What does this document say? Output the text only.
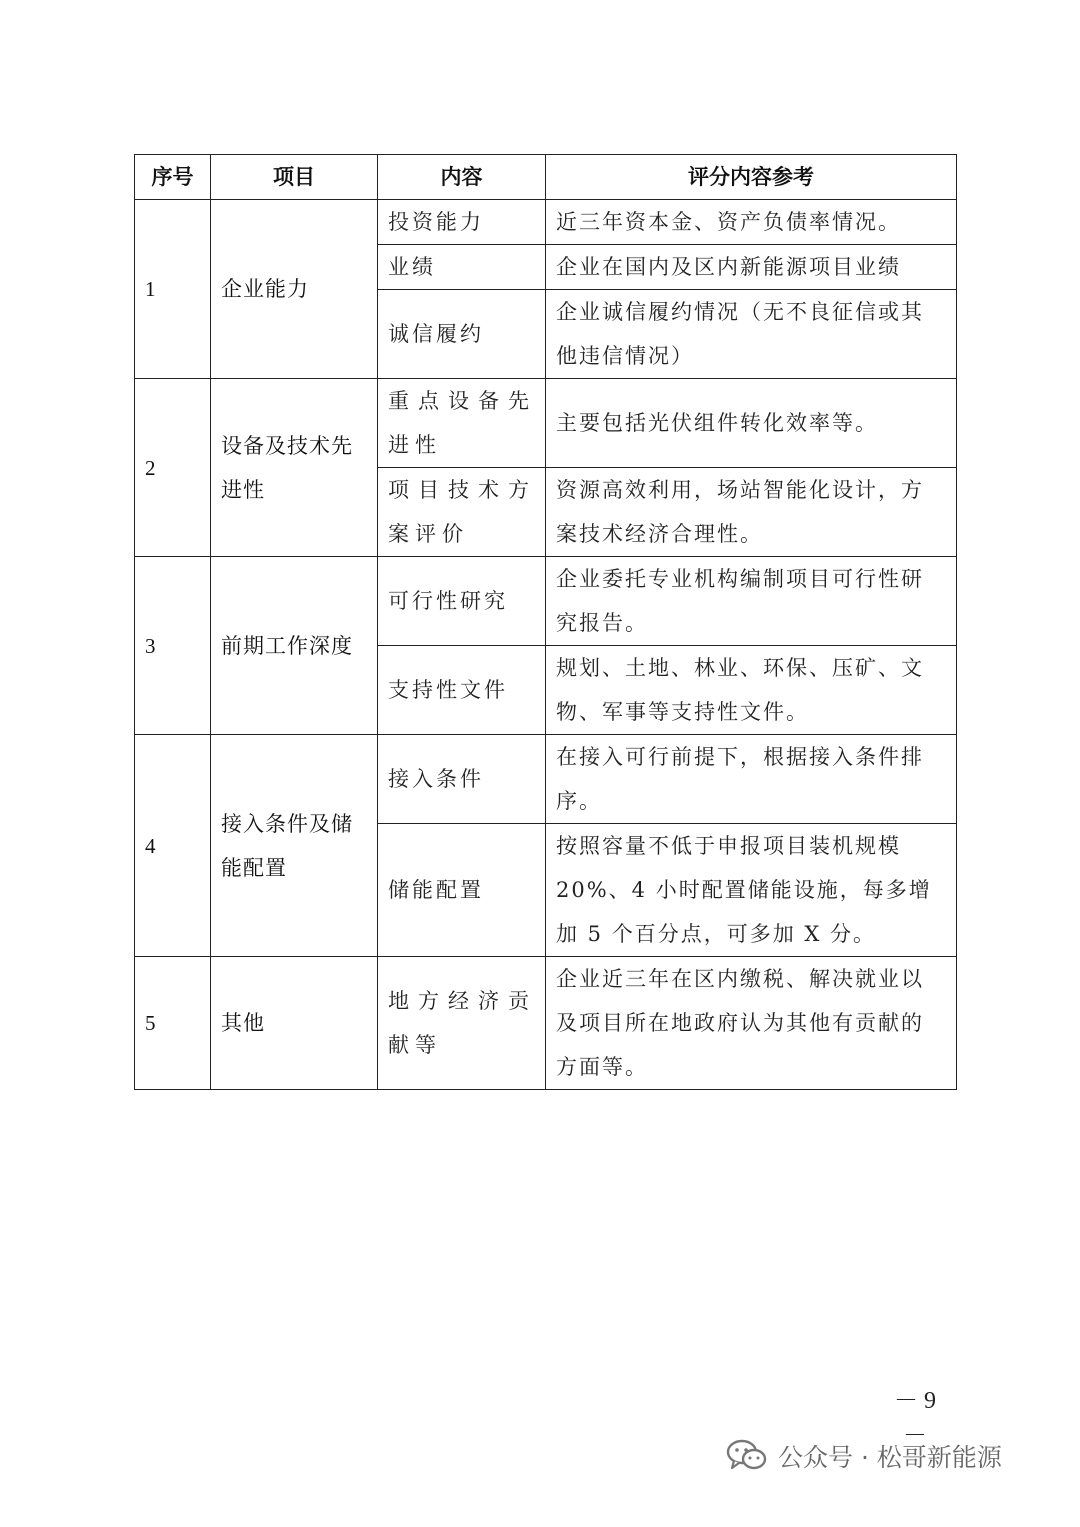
序号	项目	内容	评分内容参考
1	企业能力	投资能力	近三年资本金、资产负债率情况。
		业绩	企业在国内及区内新能源项目业绩
		诚信履约	企业诚信履约情况（无不良征信或其他违信情况）
2	设备及技术先进性	重点设备先进性	主要包括光伏组件转化效率等。
		项目技术方案评价	资源高效利用，场站智能化设计，方案技术经济合理性。
3	前期工作深度	可行性研究	企业委托专业机构编制项目可行性研究报告。
		支持性文件	规划、土地、林业、环保、压矿、文物、军事等支持性文件。
4	接入条件及储能配置	接入条件	在接入可行前提下，根据接入条件排序。
		储能配置	按照容量不低于申报项目装机规模 20%、4 小时配置储能设施，每多增加 5 个百分点，可多加 X 分。
5	其他	地方经济贡献等	企业近三年在区内缴税、解决就业以及项目所在地政府认为其他有贡献的方面等。
－ 9 －
公众号 · 松哥新能源
